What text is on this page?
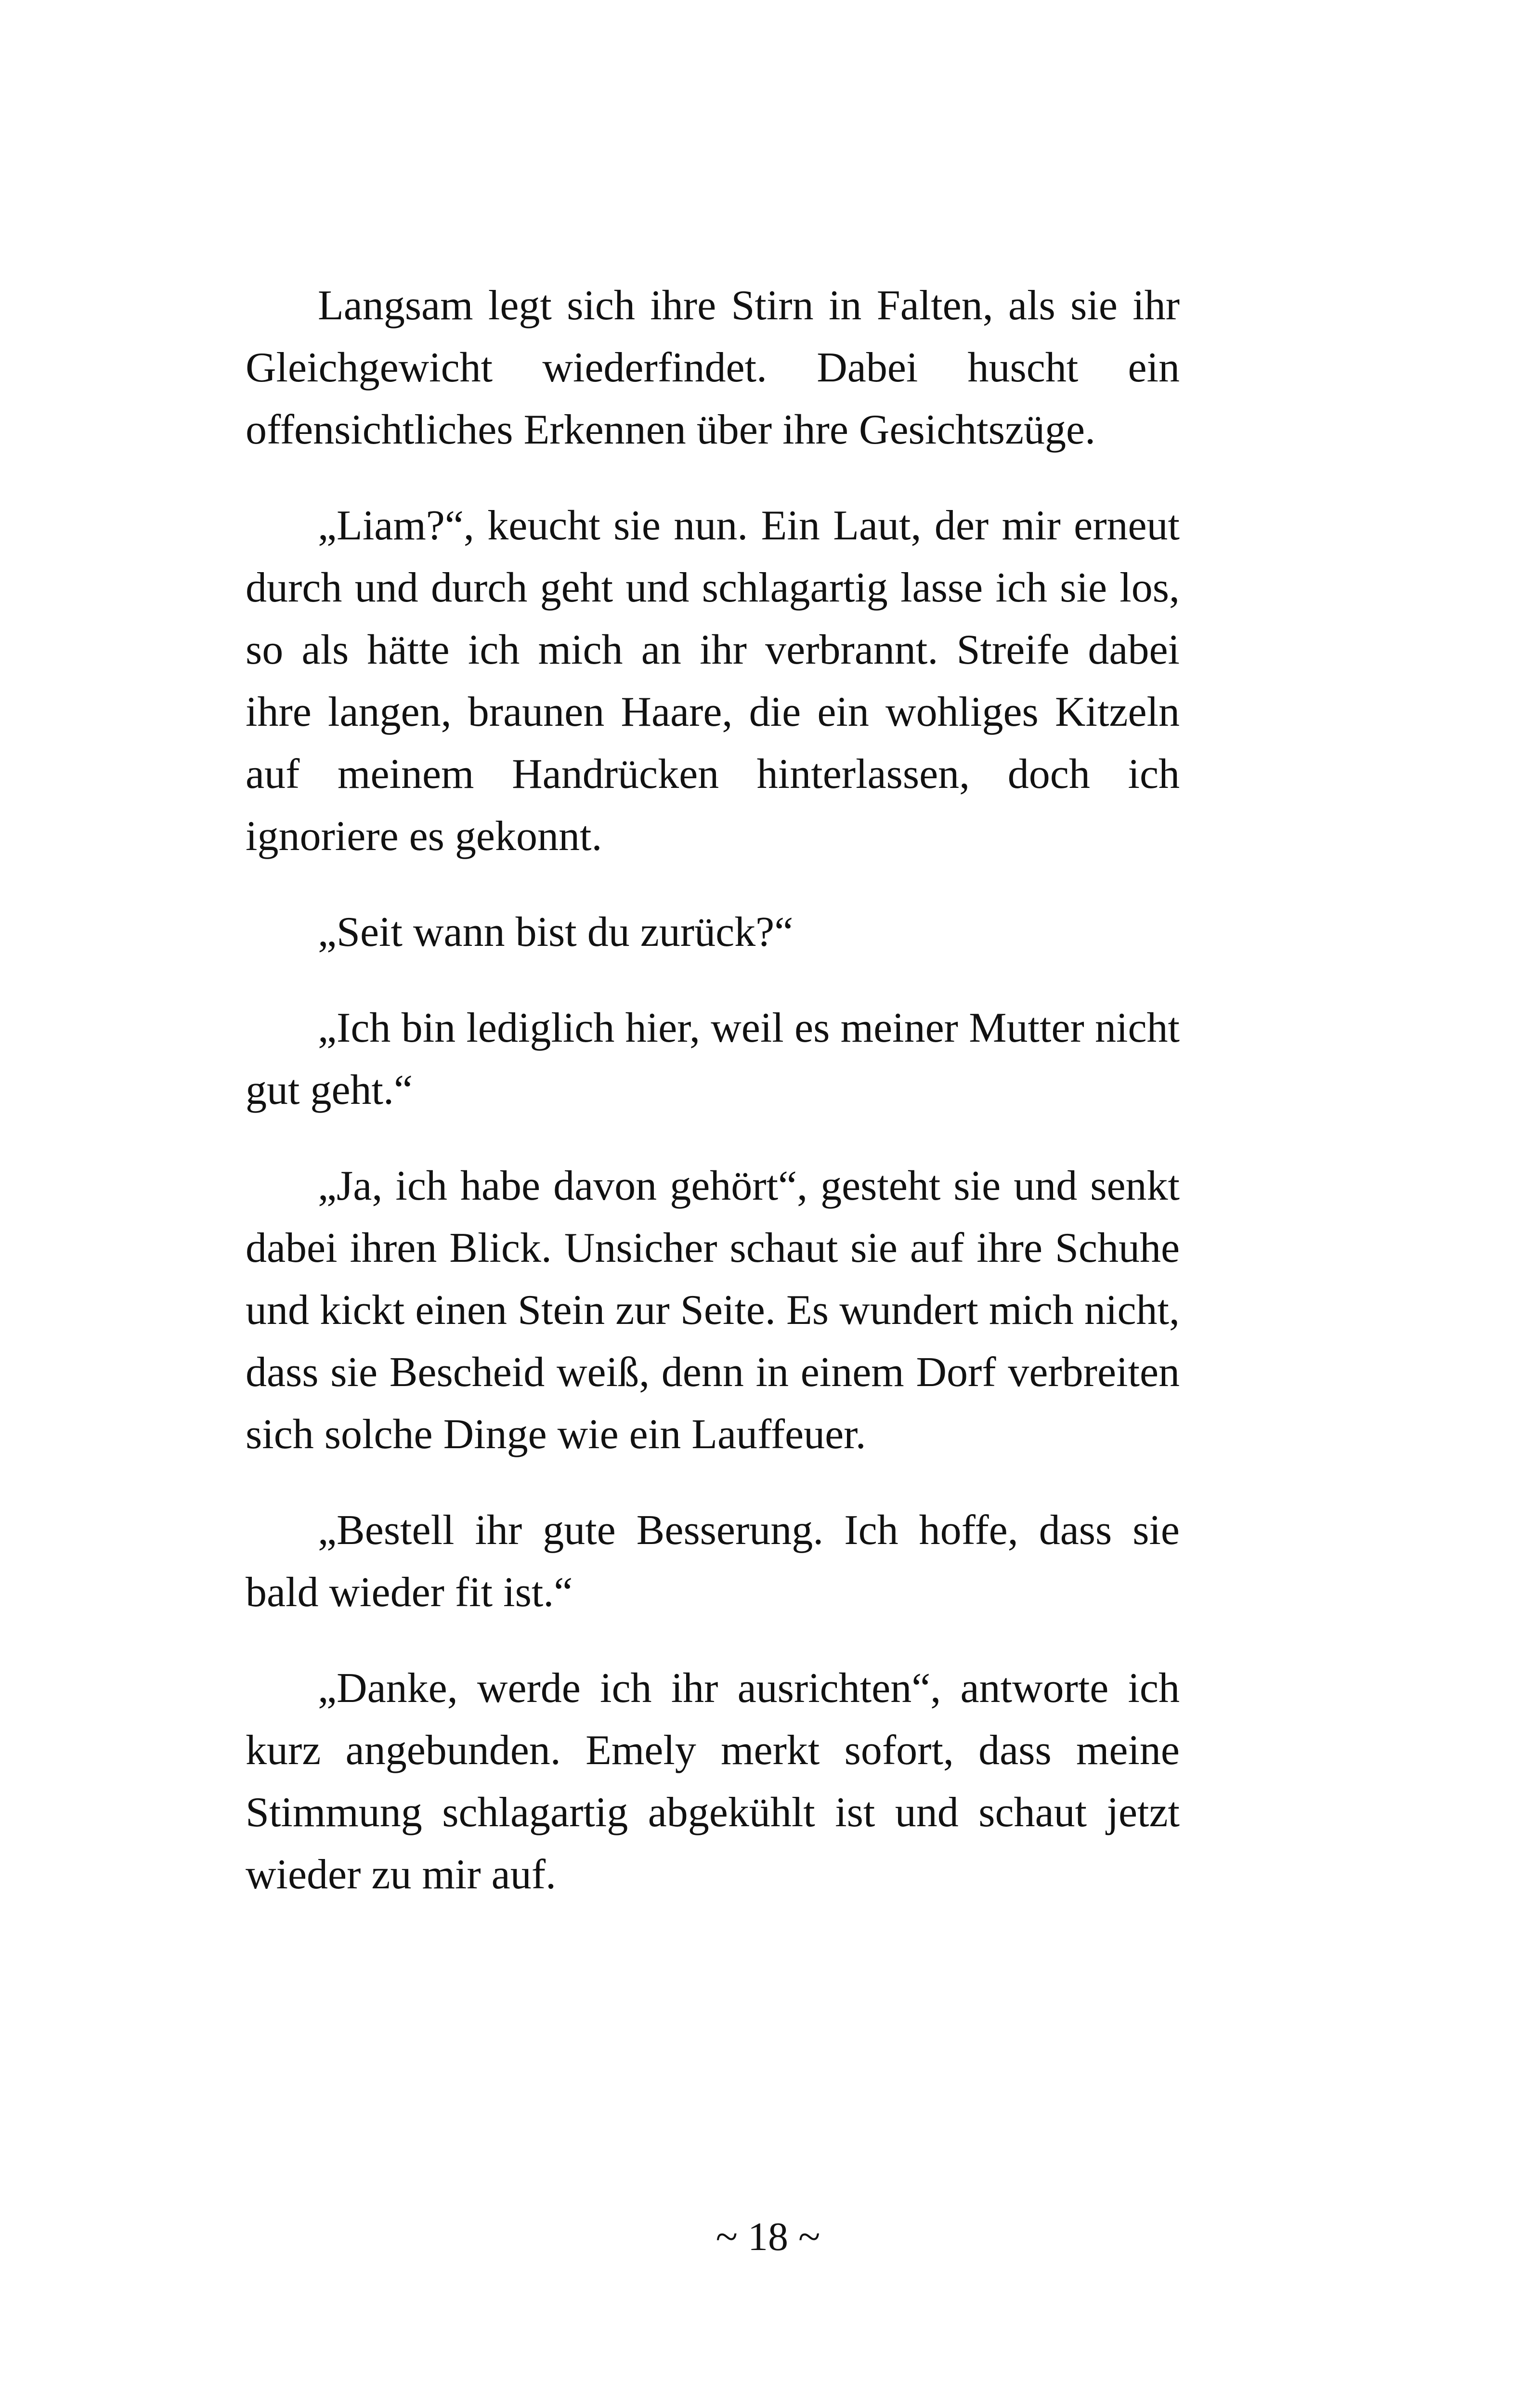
Langsam legt sich ihre Stirn in Falten, als sie ihr Gleichgewicht wiederfindet. Dabei huscht ein offensichtliches Erkennen über ihre Gesichtszüge.

„Liam?“, keucht sie nun. Ein Laut, der mir erneut durch und durch geht und schlagartig lasse ich sie los, so als hätte ich mich an ihr verbrannt. Streife dabei ihre langen, braunen Haare, die ein wohliges Kitzeln auf meinem Handrücken hinterlassen, doch ich ignoriere es gekonnt.

„Seit wann bist du zurück?“

„Ich bin lediglich hier, weil es meiner Mutter nicht gut geht.“

„Ja, ich habe davon gehört“, gesteht sie und senkt dabei ihren Blick. Unsicher schaut sie auf ihre Schuhe und kickt einen Stein zur Seite. Es wundert mich nicht, dass sie Bescheid weiß, denn in einem Dorf verbreiten sich solche Dinge wie ein Lauffeuer.

„Bestell ihr gute Besserung. Ich hoffe, dass sie bald wieder fit ist.“

„Danke, werde ich ihr ausrichten“, antworte ich kurz angebunden. Emely merkt sofort, dass meine Stimmung schlagartig abgekühlt ist und schaut jetzt wieder zu mir auf.

~ 18 ~
